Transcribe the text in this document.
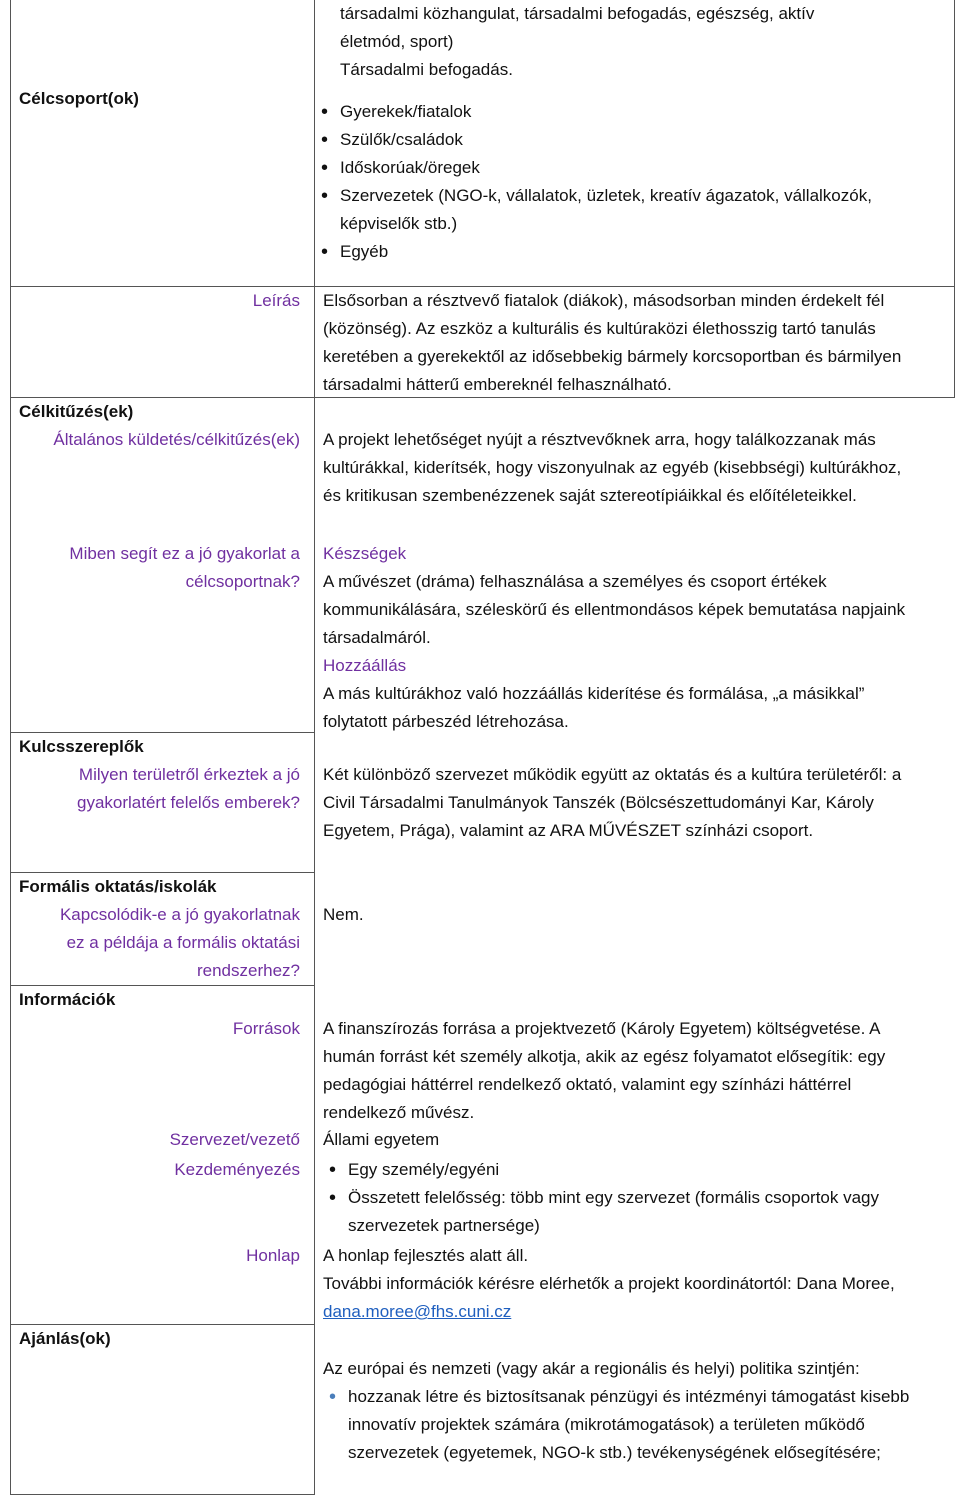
Célcsoport(ok)
Leírás
Célkitűzés(ek)
Általános küldetés/célkitűzés(ek)
Miben segít ez a jó gyakorlat a
célcsoportnak?
Kulcsszereplők
Milyen területről érkeztek a jó
gyakorlatért felelős emberek?
Formális oktatás/iskolák
Kapcsolódik-e a jó gyakorlatnak
ez a példája a formális oktatási
rendszerhez?
Információk
Források
Szervezet/vezető
Kezdeményezés
Honlap
Ajánlás(ok)
társadalmi közhangulat, társadalmi befogadás, egészség, aktív
életmód, sport)
Társadalmi befogadás.
• Gyerekek/fiatalok
• Szülők/családok
• Időskorúak/öregek
• Szervezetek (NGO-k, vállalatok, üzletek, kreatív ágazatok, vállalkozók, képviselők stb.)
• Egyéb
Elsősorban a résztvevő fiatalok (diákok), másodsorban minden érdekelt fél (közönség). Az eszköz a kulturális és kultúraközi élethosszig tartó tanulás keretében a gyerekektől az idősebbekig bármely korcsoportban és bármilyen társadalmi hátterű embereknél felhasználható.
A projekt lehetőséget nyújt a résztvevőknek arra, hogy találkozzanak más kultúrákkal, kiderítsék, hogy viszonyulnak az egyéb (kisebbségi) kultúrákhoz, és kritikusan szembenézzenek saját sztereotípiáikkal és előítéleteikkel.
Készségek
A művészet (dráma) felhasználása a személyes és csoport értékek kommunikálására, széleskörű és ellentmondásos képek bemutatása napjaink társadalmáról.
Hozzáállás
A más kultúrákhoz való hozzáállás kiderítése és formálása, „a másikkal” folytatott párbeszéd létrehozása.
Két különböző szervezet működik együtt az oktatás és a kultúra területéről: a Civil Társadalmi Tanulmányok Tanszék (Bölcsészettudományi Kar, Károly Egyetem, Prága), valamint az ARA MŰVÉSZET színházi csoport.
Nem.
A finanszírozás forrása a projektvezető (Károly Egyetem) költségvetése. A humán forrást két személy alkotja, akik az egész folyamatot elősegítik: egy pedagógiai háttérrel rendelkező oktató, valamint egy színházi háttérrel rendelkező művész.
Állami egyetem
• Egy személy/egyéni
• Összetett felelősség: több mint egy szervezet (formális csoportok vagy szervezetek partnersége)
A honlap fejlesztés alatt áll.
További információk kérésre elérhetők a projekt koordinátortól: Dana Moree, dana.moree@fhs.cuni.cz
Az európai és nemzeti (vagy akár a regionális és helyi) politika szintjén:
• hozzanak létre és biztosítsanak pénzügyi és intézményi támogatást kisebb innovatív projektek számára (mikrotámogatások) a területen működő szervezetek (egyetemek, NGO-k stb.) tevékenységének elősegítésére;
